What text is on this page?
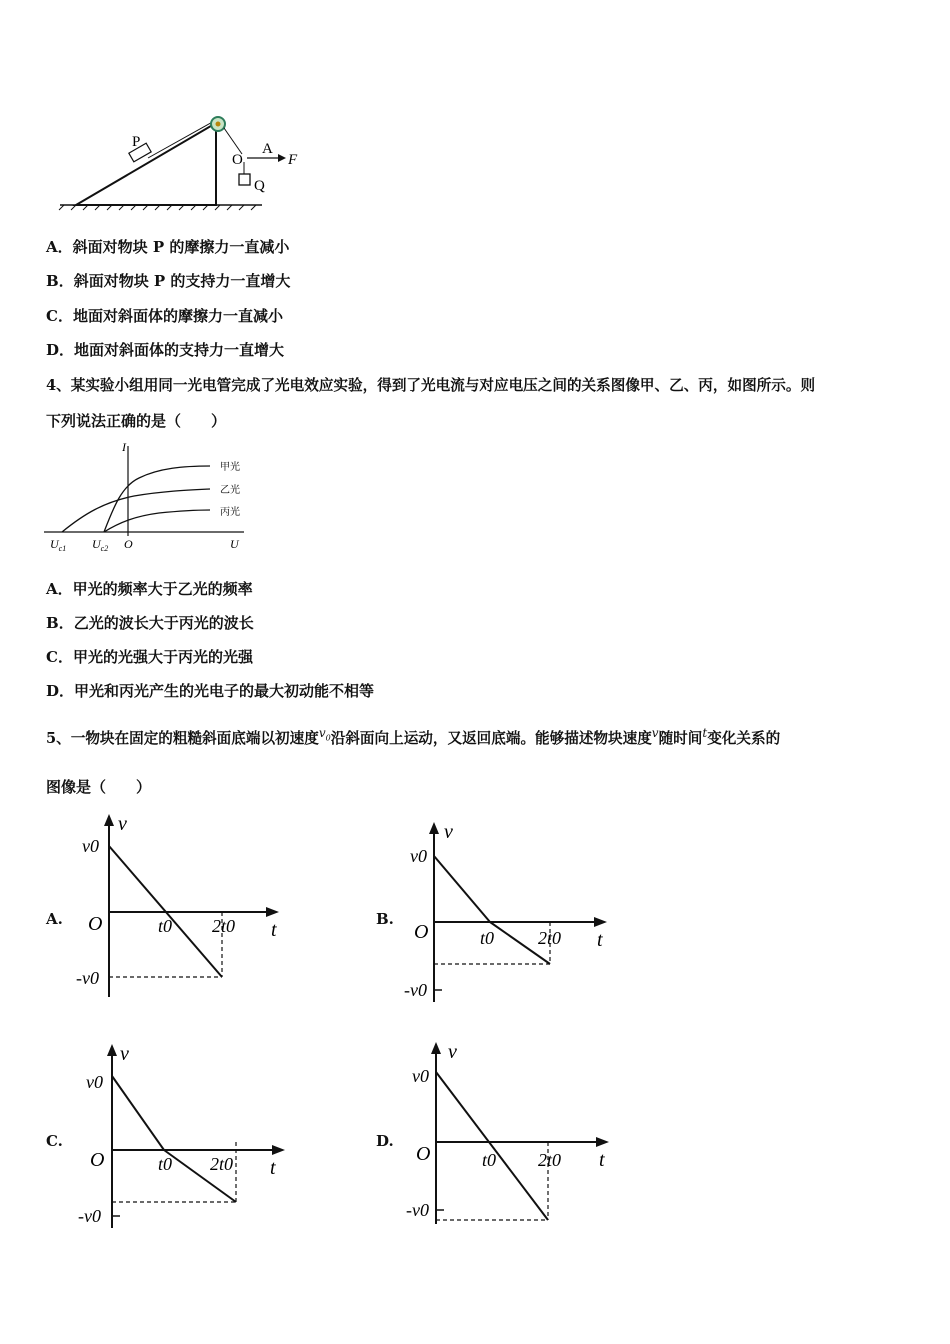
P
O
A
F
Q
A．斜面对物块 P 的摩擦力一直减小
B．斜面对物块 P 的支持力一直增大
C．地面对斜面体的摩擦力一直减小
D．地面对斜面体的支持力一直增大
4、某实验小组用同一光电管完成了光电效应实验，得到了光电流与对应电压之间的关系图像甲、乙、丙，如图所示。则
下列说法正确的是（　　）
I
U
O
$U_{c1}$ $U_{c2}$
甲光
乙光
丙光
A．甲光的频率大于乙光的频率
B．乙光的波长大于丙光的波长
C．甲光的光强大于丙光的光强
D．甲光和丙光产生的光电子的最大初动能不相等
5、一物块在固定的粗糙斜面底端以初速度$^{v_0}$沿斜面向上运动，又返回底端。能够描述物块速度$^v$随时间$^t$变化关系的
图像是（　　）
A.	B.
C.	D.
v
t
O
v0
-v0
t0 2t0
v
t
O
v0
-v0
t0 2t0
v
t
O
v0
-v0
t0 2t0
v
t
O
v0
-v0
t0 2t0
